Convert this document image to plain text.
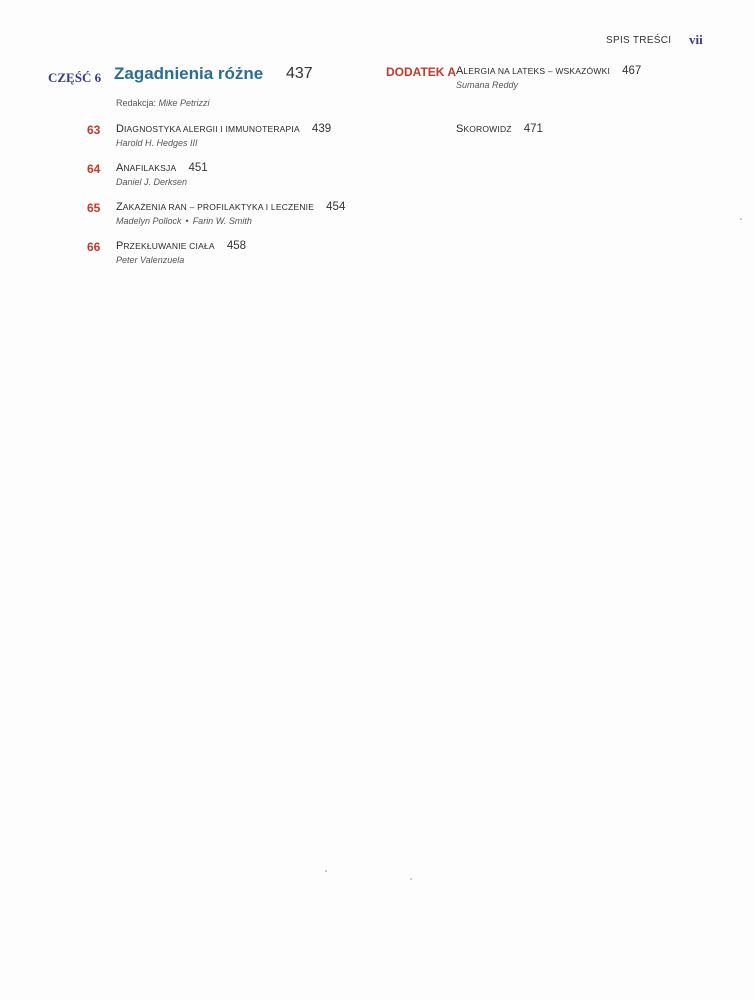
SPIS TREŚCI vii
CZĘŚĆ 6 Zagadnienia różne 437
Redakcja: Mike Petrizzi
63 DIAGNOSTYKA ALERGII I IMMUNOTERAPIA 439
Harold H. Hedges III
64 ANAFILAKSJA 451
Daniel J. Derksen
65 ZAKAŻENIA RAN – PROFILAKTYKA I LECZENIE 454
Madelyn Pollock • Farin W. Smith
66 PRZEKŁUWANIE CIAŁA 458
Peter Valenzuela
DODATEK A ALERGIA NA LATEKS – WSKAZÓWKI 467
Sumana Reddy
SKOROWIDZ 471
